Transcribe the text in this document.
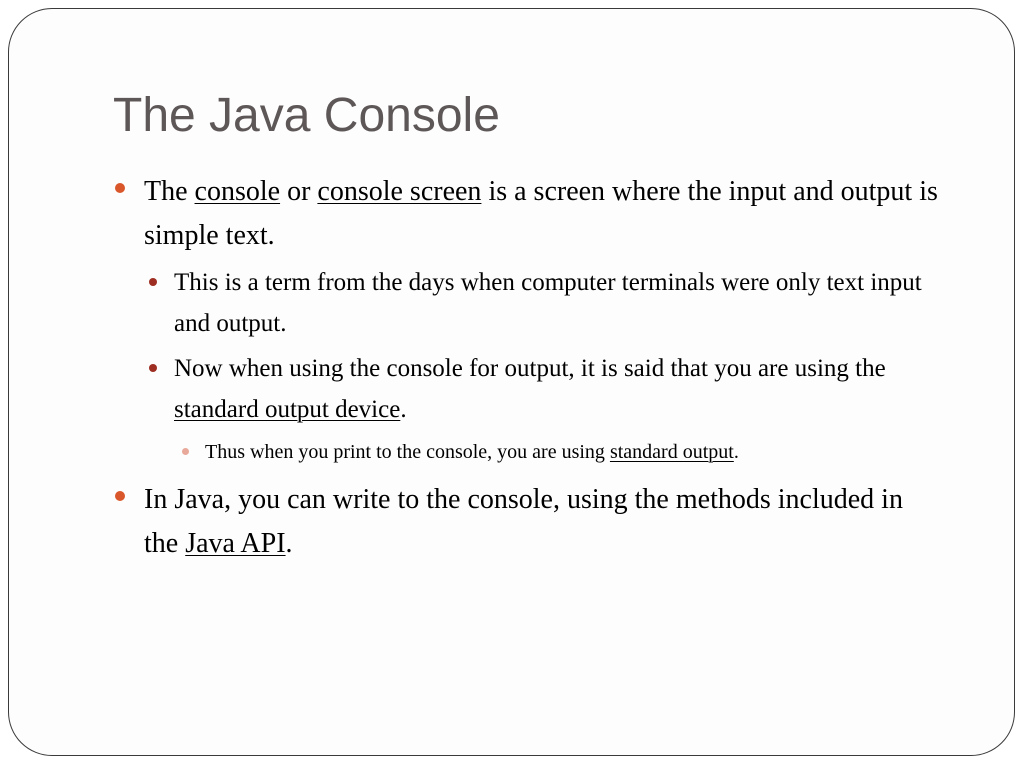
The Java Console

The console or console screen is a screen where the input and output is simple text.

This is a term from the days when computer terminals were only text input and output.

Now when using the console for output, it is said that you are using the standard output device.

Thus when you print to the console, you are using standard output.

In Java, you can write to the console, using the methods included in the Java API.
